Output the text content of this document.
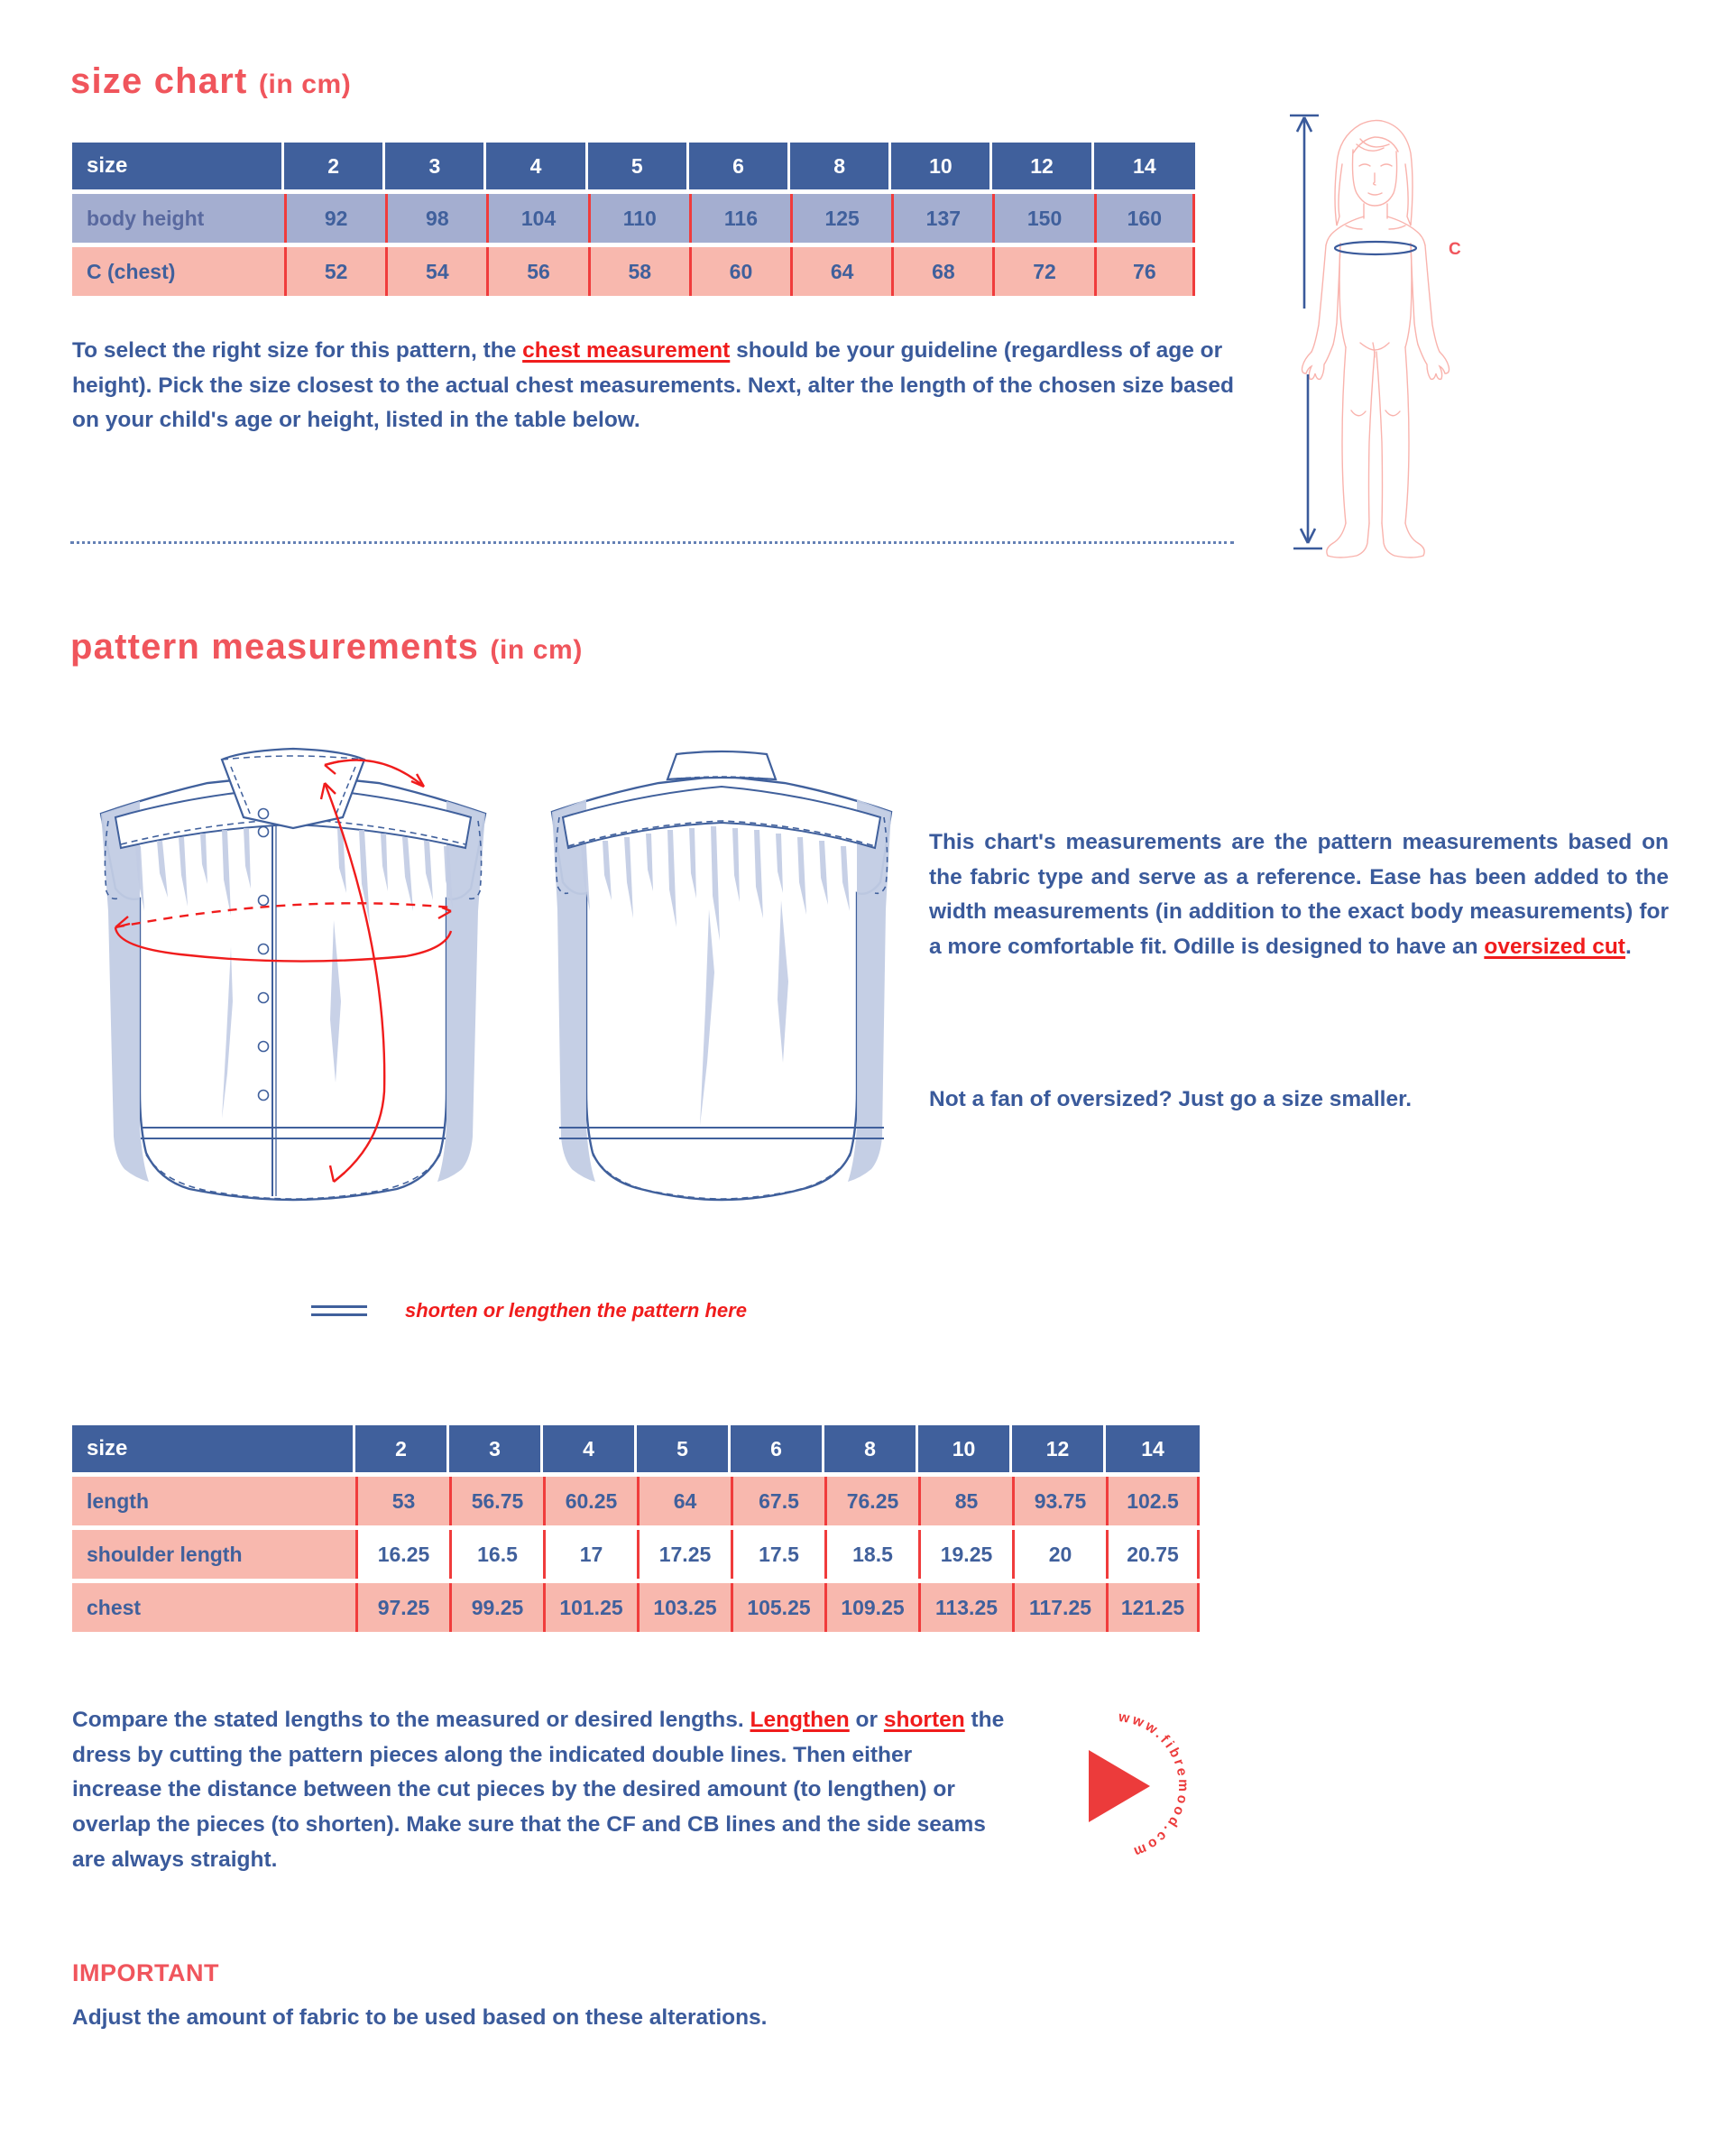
size chart (in cm)
size	2	3	4	5	6	8	10	12	14

body height	92	98	104	110	116	125	137	150	160

C (chest)	52	54	56	58	60	64	68	72	76

To select the right size for this pattern, the chest measurement should be your guideline (regardless of age or height). Pick the size closest to the actual chest measurements. Next, alter the length of the chosen size based on your child's age or height, listed in the table below.

C
pattern measurements (in cm)

This chart's measurements are the pattern measurements based on the fabric type and serve as a reference. Ease has been added to the width measurements (in addition to the exact body measurements) for a more comfortable fit. Odille is designed to have an oversized cut.

Not a fan of oversized? Just go a size smaller.

shorten or lengthen the pattern here
size	2	3	4	5	6	8	10	12	14

length	53	56.75	60.25	64	67.5	76.25	85	93.75	102.5

shoulder length	16.25	16.5	17	17.25	17.5	18.5	19.25	20	20.75

chest	97.25	99.25	101.25	103.25	105.25	109.25	113.25	117.25	121.25

Compare the stated lengths to the measured or desired lengths. Lengthen or shorten the dress by cutting the pattern pieces along the indicated double lines. Then either increase the distance between the cut pieces by the desired amount (to lengthen) or overlap the pieces (to shorten). Make sure that the CF and CB lines and the side seams are always straight.

www.fibremood.com
IMPORTANT

Adjust the amount of fabric to be used based on these alterations.
